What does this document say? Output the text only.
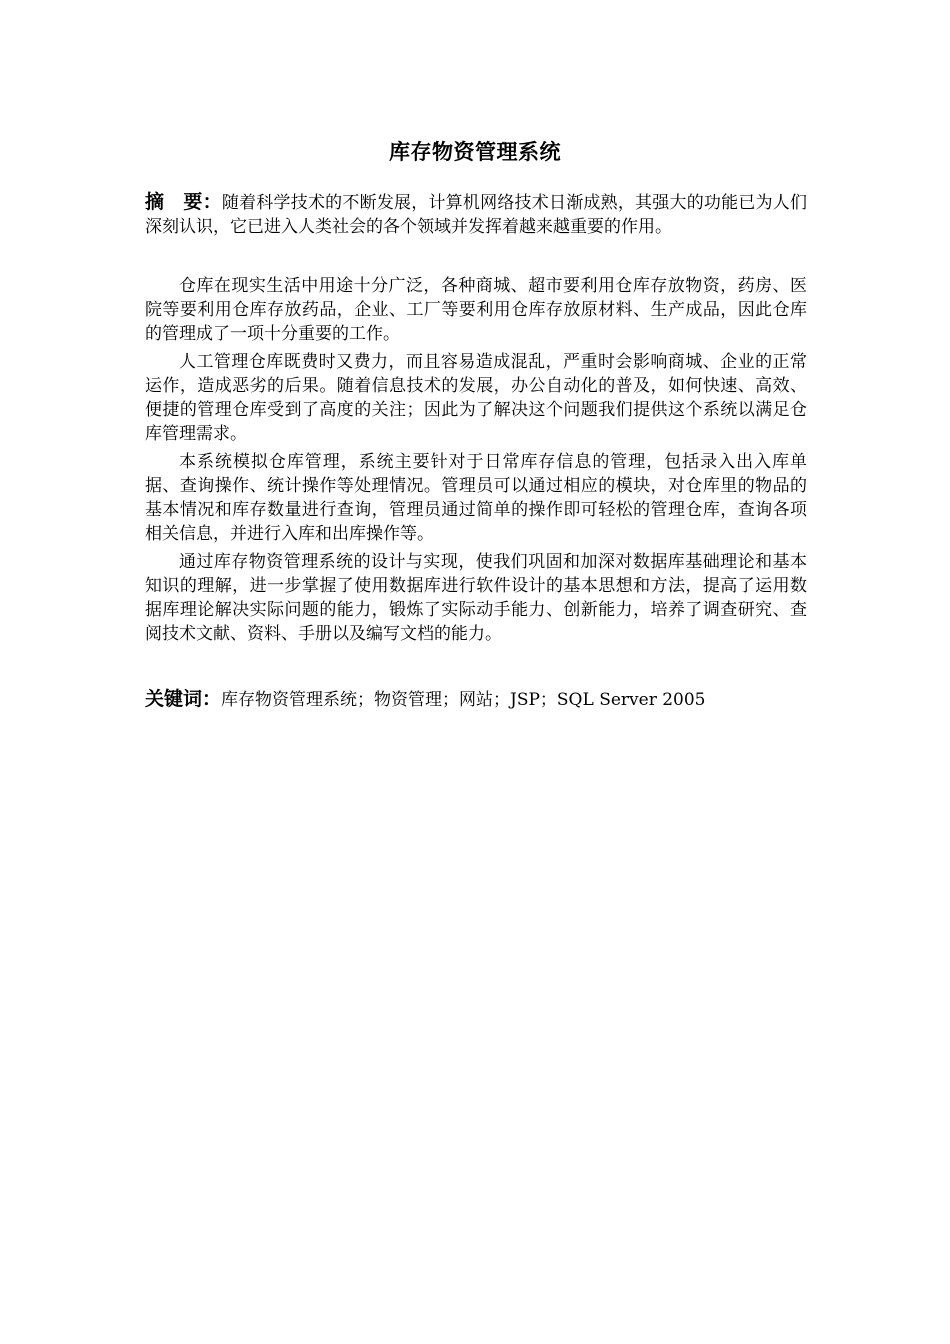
库存物资管理系统
摘　要：随着科学技术的不断发展，计算机网络技术日渐成熟，其强大的功能已为人们深刻认识，它已进入人类社会的各个领域并发挥着越来越重要的作用。

仓库在现实生活中用途十分广泛，各种商城、超市要利用仓库存放物资，药房、医院等要利用仓库存放药品，企业、工厂等要利用仓库存放原材料、生产成品，因此仓库的管理成了一项十分重要的工作。

人工管理仓库既费时又费力，而且容易造成混乱，严重时会影响商城、企业的正常运作，造成恶劣的后果。随着信息技术的发展，办公自动化的普及，如何快速、高效、便捷的管理仓库受到了高度的关注；因此为了解决这个问题我们提供这个系统以满足仓库管理需求。

本系统模拟仓库管理，系统主要针对于日常库存信息的管理，包括录入出入库单据、查询操作、统计操作等处理情况。管理员可以通过相应的模块，对仓库里的物品的基本情况和库存数量进行查询，管理员通过简单的操作即可轻松的管理仓库，查询各项相关信息，并进行入库和出库操作等。

通过库存物资管理系统的设计与实现，使我们巩固和加深对数据库基础理论和基本知识的理解，进一步掌握了使用数据库进行软件设计的基本思想和方法，提高了运用数据库理论解决实际问题的能力，锻炼了实际动手能力、创新能力，培养了调查研究、查阅技术文献、资料、手册以及编写文档的能力。

关键词：库存物资管理系统；物资管理；网站；JSP；SQL Server 2005
